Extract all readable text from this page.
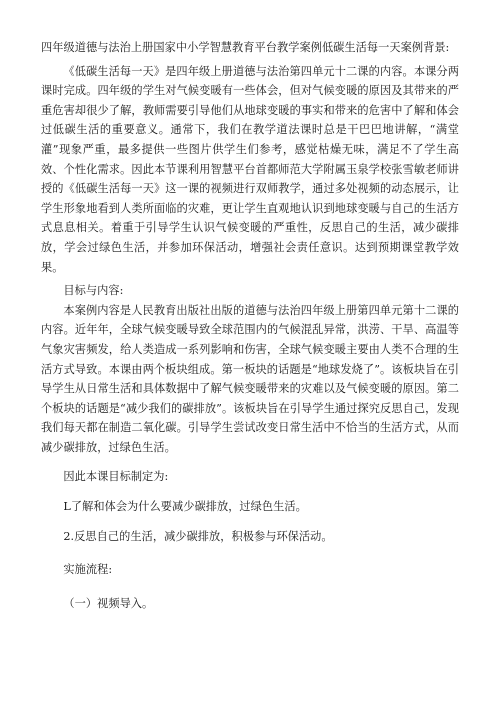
四年级道德与法治上册国家中小学智慧教育平台教学案例低碳生活每一天案例背景:

《低碳生活每一天》是四年级上册道德与法治第四单元十二课的内容。本课分两课时完成。四年级的学生对气候变暖有一些体会，但对气候变暖的原因及其带来的严重危害却很少了解，教师需要引导他们从地球变暖的事实和带来的危害中了解和体会过低碳生活的重要意义。通常下，我们在教学道法课时总是干巴巴地讲解，“满堂灌”现象严重，最多提供一些图片供学生们参考，感觉枯燥无味，满足不了学生高效、个性化需求。因此本节课利用智慧平台首都师范大学附属玉泉学校张雪敏老师讲授的《低碳生活每一天》这一课的视频进行双师教学，通过多处视频的动态展示，让学生形象地看到人类所面临的灾难，更让学生直观地认识到地球变暖与自己的生活方式息息相关。着重于引导学生认识气候变暖的严重性，反思自己的生活，减少碳排放，学会过绿色生活，并参加环保活动，增强社会责任意识。达到预期课堂教学效果。

目标与内容:

本案例内容是人民教育出版社出版的道德与法治四年级上册第四单元第十二课的内容。近年年，全球气候变暖导致全球范围内的气候混乱异常，洪涝、干旱、高温等气象灾害频发，给人类造成一系列影响和伤害，全球气候变暖主要由人类不合理的生活方式导致。本课由两个板块组成。第一板块的话题是“地球发烧了”。该板块旨在引导学生从日常生活和具体数据中了解气候变暖带来的灾难以及气候变暖的原因。第二个板块的话题是“减少我们的碳排放”。该板块旨在引导学生通过探究反思自己，发现我们每天都在制造二氧化碳。引导学生尝试改变日常生活中不恰当的生活方式，从而减少碳排放，过绿色生活。

因此本课目标制定为:

L了解和体会为什么要减少碳排放，过绿色生活。

2.反思自己的生活，减少碳排放，积极参与环保活动。

实施流程:

（一）视频导入。
